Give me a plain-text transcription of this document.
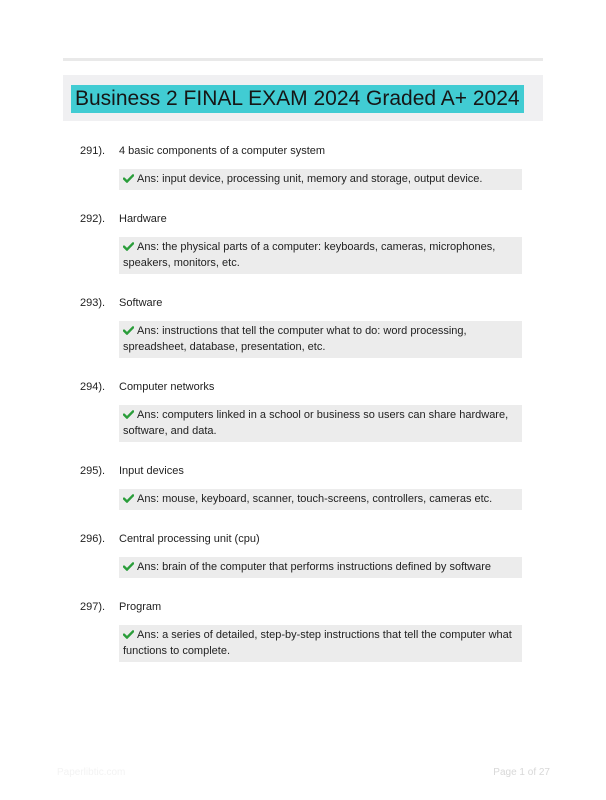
Business 2 FINAL EXAM 2024 Graded A+ 2024
291).	4 basic components of a computer system
Ans: input device, processing unit, memory and storage, output device.
292).	Hardware
Ans: the physical parts of a computer: keyboards, cameras, microphones, speakers, monitors, etc.
293).	Software
Ans: instructions that tell the computer what to do: word processing, spreadsheet, database, presentation, etc.
294).	Computer networks
Ans: computers linked in a school or business so users can share hardware, software, and data.
295).	Input devices
Ans: mouse, keyboard, scanner, touch-screens, controllers, cameras etc.
296).	Central processing unit (cpu)
Ans: brain of the computer that performs instructions defined by software
297).	Program
Ans: a series of detailed, step-by-step instructions that tell the computer what functions to complete.
Paperlibtic.com	Page 1 of 27
